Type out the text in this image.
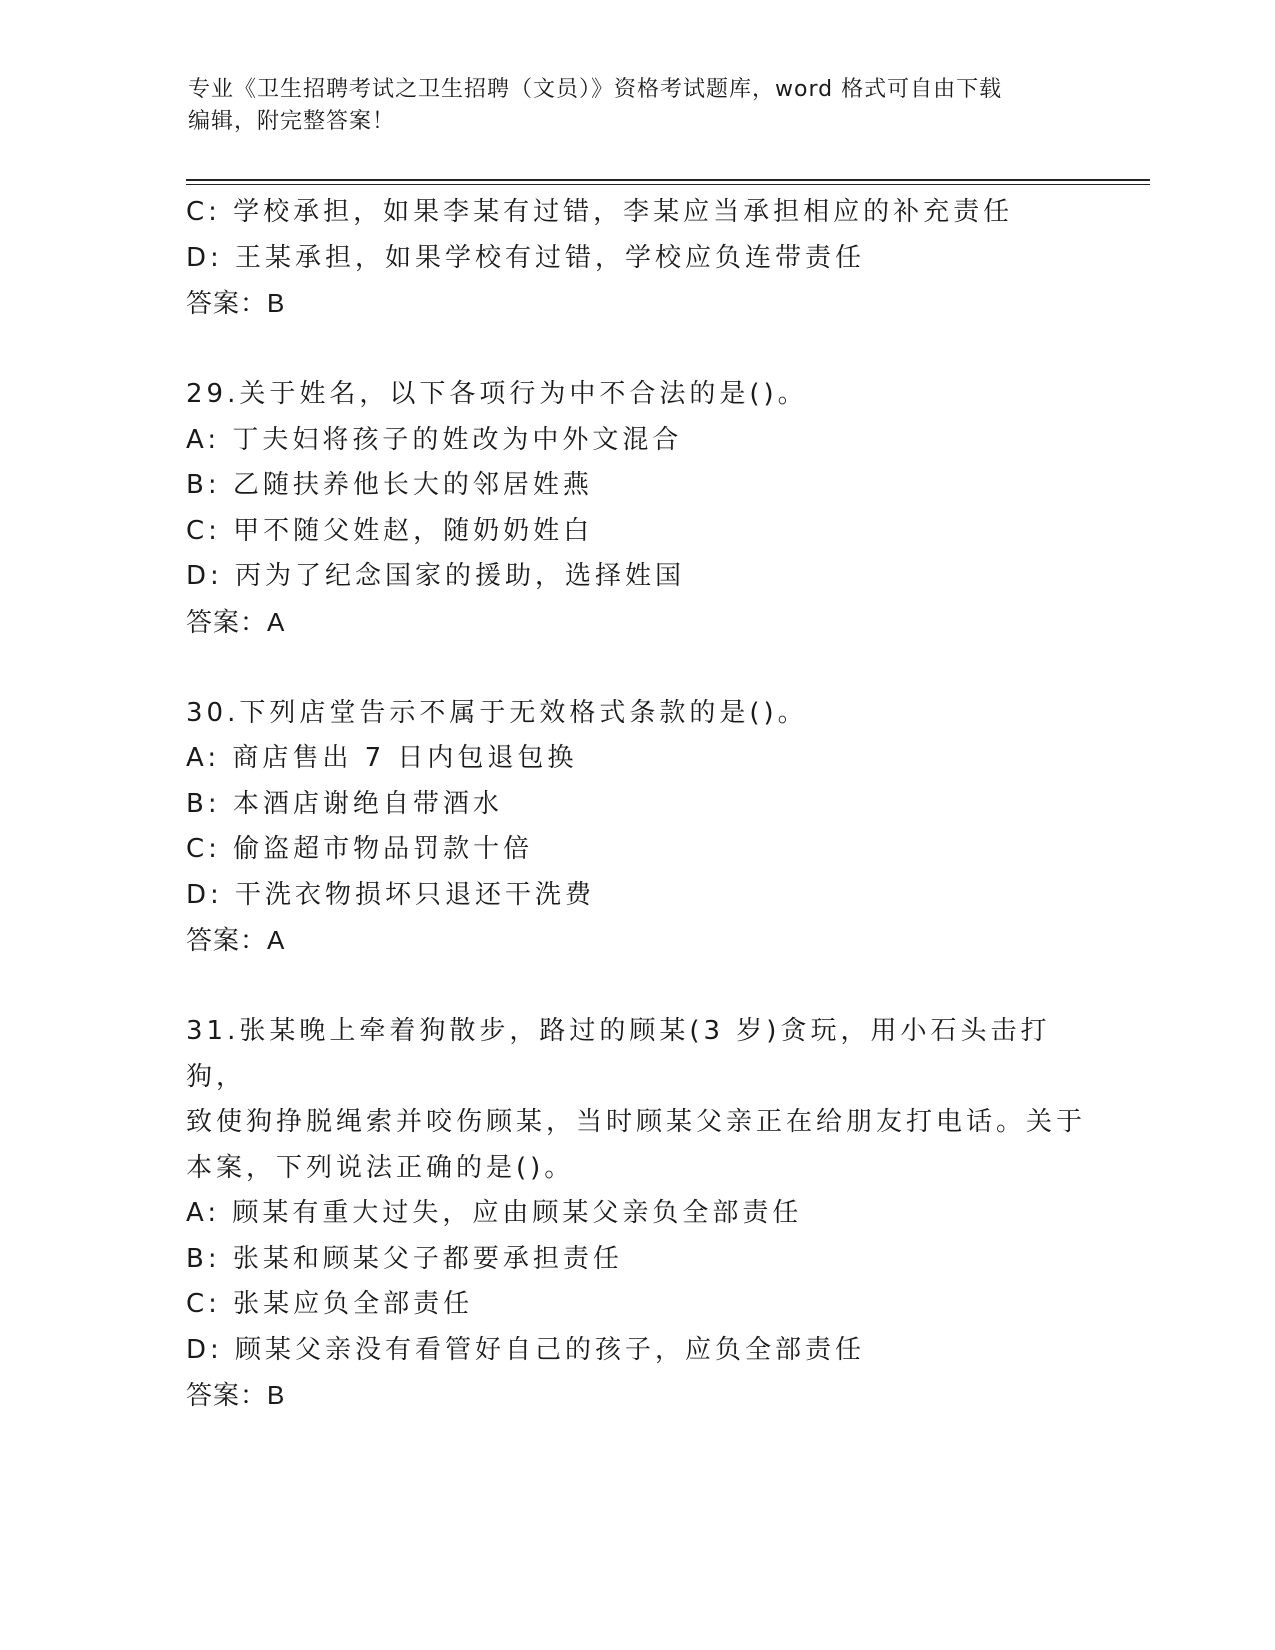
专业《卫生招聘考试之卫生招聘（文员）》资格考试题库，word 格式可自由下载
编辑，附完整答案！
C: 学校承担，如果李某有过错，李某应当承担相应的补充责任
D: 王某承担，如果学校有过错，学校应负连带责任
答案：B
29.关于姓名，以下各项行为中不合法的是()。
A: 丁夫妇将孩子的姓改为中外文混合
B: 乙随扶养他长大的邻居姓燕
C: 甲不随父姓赵，随奶奶姓白
D: 丙为了纪念国家的援助，选择姓国
答案：A
30.下列店堂告示不属于无效格式条款的是()。
A: 商店售出 7 日内包退包换
B: 本酒店谢绝自带酒水
C: 偷盗超市物品罚款十倍
D: 干洗衣物损坏只退还干洗费
答案：A
31.张某晚上牵着狗散步，路过的顾某(3 岁)贪玩，用小石头击打狗，
致使狗挣脱绳索并咬伤顾某，当时顾某父亲正在给朋友打电话。关于
本案，下列说法正确的是()。
A: 顾某有重大过失，应由顾某父亲负全部责任
B: 张某和顾某父子都要承担责任
C: 张某应负全部责任
D: 顾某父亲没有看管好自己的孩子，应负全部责任
答案：B
